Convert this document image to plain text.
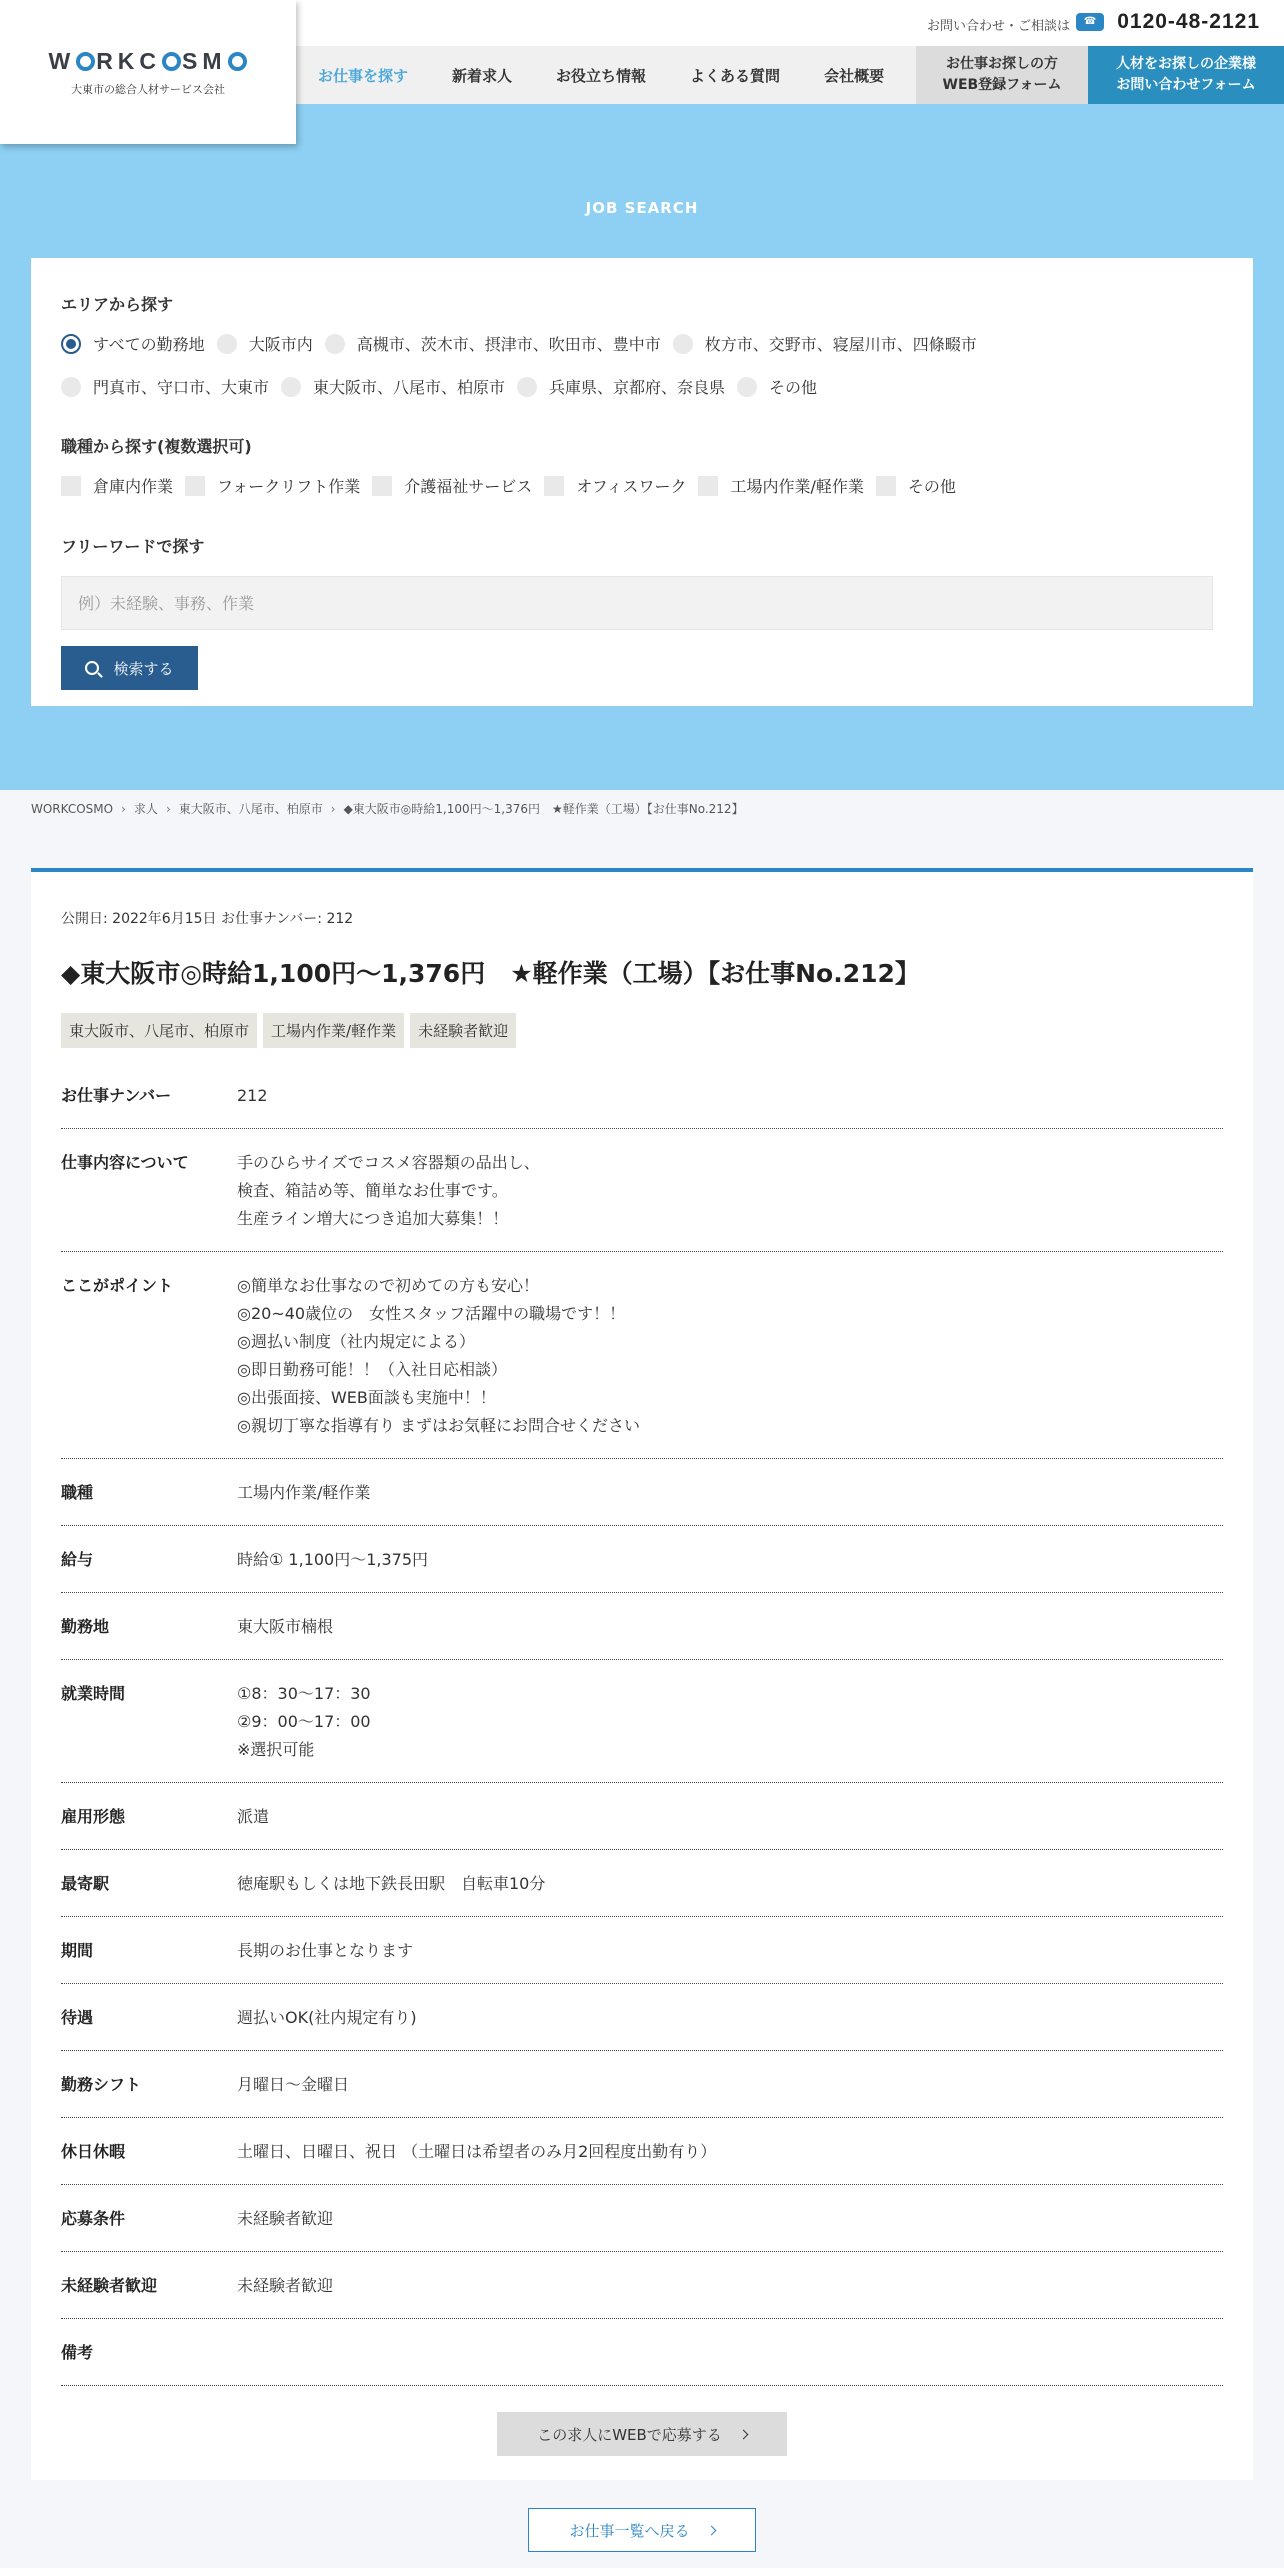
W RKC SM
大東市の総合人材サービス会社
お問い合わせ・ご相談は	☎ 0120-48-2121
お仕事を探す	新着求人	お役立ち情報	よくある質問	会社概要
お仕事お探しの方
WEB登録フォーム
人材をお探しの企業様
お問い合わせフォーム
JOB SEARCH
エリアから探す
すべての勤務地	大阪市内	高槻市、茨木市、摂津市、吹田市、豊中市	枚方市、交野市、寝屋川市、四條畷市
門真市、守口市、大東市	東大阪市、八尾市、柏原市	兵庫県、京都府、奈良県	その他
職種から探す(複数選択可)
倉庫内作業	フォークリフト作業	介護福祉サービス	オフィスワーク	工場内作業/軽作業	その他
フリーワードで探す
例）未経験、事務、作業
検索する
WORKCOSMO › 求人 › 東大阪市、八尾市、柏原市 › ◆東大阪市◎時給1,100円〜1,376円　★軽作業（工場）【お仕事No.212】
公開日: 2022年6月15日 お仕事ナンバー: 212
◆東大阪市◎時給1,100円〜1,376円　★軽作業（工場）【お仕事No.212】
東大阪市、八尾市、柏原市	工場内作業/軽作業	未経験者歓迎
お仕事ナンバー	212
仕事内容について	手のひらサイズでコスメ容器類の品出し、
検査、箱詰め等、簡単なお仕事です。
生産ライン増大につき追加大募集！！
ここがポイント	◎簡単なお仕事なので初めての方も安心！
◎20~40歳位の　女性スタッフ活躍中の職場です！！
◎週払い制度（社内規定による）
◎即日勤務可能！！（入社日応相談）
◎出張面接、WEB面談も実施中！！
◎親切丁寧な指導有り まずはお気軽にお問合せください
職種	工場内作業/軽作業
給与	時給① 1,100円〜1,375円
勤務地	東大阪市楠根
就業時間	①8：30〜17：30
②9：00〜17：00
※選択可能
雇用形態	派遣
最寄駅	徳庵駅もしくは地下鉄長田駅　自転車10分
期間	長期のお仕事となります
待遇	週払いOK(社内規定有り)
勤務シフト	月曜日〜金曜日
休日休暇	土曜日、日曜日、祝日 （土曜日は希望者のみ月2回程度出勤有り）
応募条件	未経験者歓迎
未経験者歓迎	未経験者歓迎
備考
この求人にWEBで応募する
お仕事一覧へ戻る
